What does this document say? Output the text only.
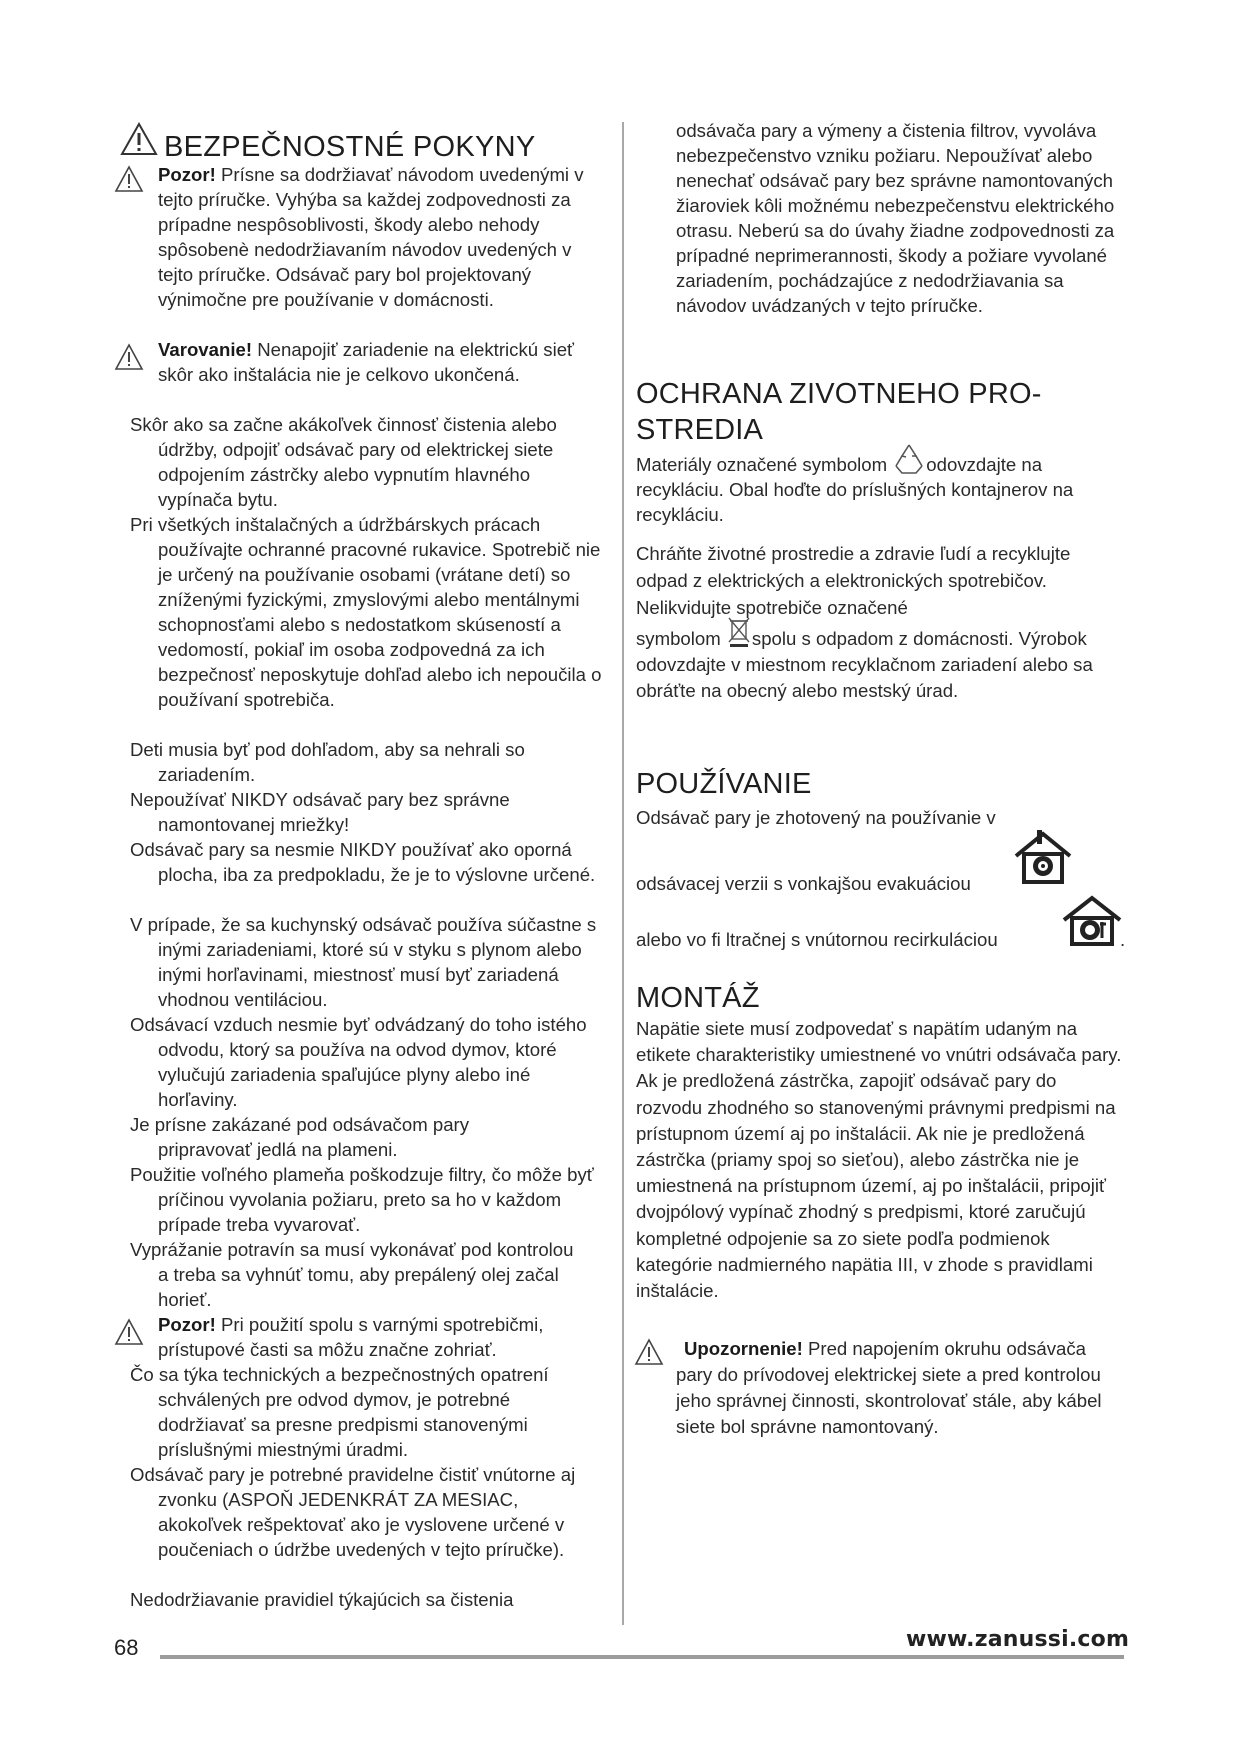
BEZPEČNOSTNÉ POKYNY
Pozor! Prísne sa dodržiavať návodom uvedenými v tejto príručke. Vyhýba sa každej zodpovednosti za prípadne nespôsoblivosti, škody alebo nehody spôsobenè nedodržiavaním návodov uvedených v tejto príručke. Odsávač pary bol projektovaný výnimočne pre používanie v domácnosti.
Varovanie! Nenapojiť zariadenie na elektrickú sieť skôr ako inštalácia nie je celkovo ukončená.
Skôr ako sa začne akákoľvek činnosť čistenia alebo údržby, odpojiť odsávač pary od elektrickej siete odpojením zástrčky alebo vypnutím hlavného vypínača bytu.
Pri všetkých inštalačných a údržbárskych prácach používajte ochranné pracovné rukavice. Spotrebič nie je určený na používanie osobami (vrátane detí) so zníženými fyzickými, zmyslovými alebo mentálnymi schopnosťami alebo s nedostatkom skúseností a vedomostí, pokiaľ im osoba zodpovedná za ich bezpečnosť neposkytuje dohľad alebo ich nepoučila o používaní spotrebiča.
Deti musia byť pod dohľadom, aby sa nehrali so zariadením.
Nepoužívať NIKDY odsávač pary bez správne namontovanej mriežky!
Odsávač pary sa nesmie NIKDY používať ako oporná plocha, iba za predpokladu, že je to výslovne určené.
V prípade, že sa kuchynský odsávač používa súčastne s inými zariadeniami, ktoré sú v styku s plynom alebo inými horľavinami, miestnosť musí byť zariadená vhodnou ventiláciou.
Odsávací vzduch nesmie byť odvádzaný do toho istého odvodu, ktorý sa používa na odvod dymov, ktoré vylučujú zariadenia spaľujúce plyny alebo iné horľaviny.
Je prísne zakázané pod odsávačom pary pripravovať jedlá na plameni.
Použitie voľného plameňa poškodzuje filtry, čo môže byť príčinou vyvolania požiaru, preto sa ho v každom prípade treba vyvarovať.
Vyprážanie potravín sa musí vykonávať pod kontrolou a treba sa vyhnúť tomu, aby prepálený olej začal horieť.
Pozor! Pri použití spolu s varnými spotrebičmi, prístupové časti sa môžu značne zohriať.
Čo sa týka technických a bezpečnostných opatrení schválených pre odvod dymov, je potrebné dodržiavať sa presne predpismi stanovenými príslušnými miestnými úradmi.
Odsávač pary je potrebné pravidelne čistiť vnútorne aj zvonku (ASPOŇ JEDENKRÁT ZA MESIAC, akokoľvek rešpektovať ako je vyslovene určené v poučeniach o údržbe uvedených v tejto príručke).
Nedodržiavanie pravidiel týkajúcich sa čistenia
odsávača pary a výmeny a čistenia filtrov, vyvoláva nebezpečenstvo vzniku požiaru. Nepoužívať alebo nenechať odsávač pary bez správne namontovaných žiaroviek kôli možnému nebezpečenstvu elektrického otrasu. Neberú sa do úvahy žiadne zodpovednosti za prípadné neprimerannosti, škody a požiare vyvolané zariadením, pochádzajúce z nedodržiavania sa návodov uvádzaných v tejto príručke.
OCHRANA ZIVOTNEHO PRO-
STREDIA
Materiály označené symbolom odovzdajte na recykláciu. Obal hoďte do príslušných kontajnerov na recykláciu.
Chráňte životné prostredie a zdravie ľudí a recyklujte odpad z elektrických a elektronických spotrebičov. Nelikvidujte spotrebiče označené
symbolom spolu s odpadom z domácnosti. Výrobok odovzdajte v miestnom recyklačnom zariadení alebo sa obráťte na obecný alebo mestský úrad.
POUŽÍVANIE
Odsávač pary je zhotovený na používanie v
odsávacej verzii s vonkajšou evakuáciou
alebo vo fi ltračnej s vnútornou recirkuláciou	.
MONTÁŽ
Napätie siete musí zodpovedať s napätím udaným na etikete charakteristiky umiestnené vo vnútri odsávača pary. Ak je predložená zástrčka, zapojiť odsávač pary do rozvodu zhodného so stanovenými právnymi predpismi na prístupnom území aj po inštalácii. Ak nie je predložená zástrčka (priamy spoj so sieťou), alebo zástrčka nie je umiestnená na prístupnom území, aj po inštalácii, pripojiť dvojpólový vypínač zhodný s predpismi, ktoré zaručujú kompletné odpojenie sa zo siete podľa podmienok kategórie nadmierného napätia III, v zhode s pravidlami inštalácie.
Upozornenie! Pred napojením okruhu odsávača pary do prívodovej elektrickej siete a pred kontrolou jeho správnej činnosti, skontrolovať stále, aby kábel siete bol správne namontovaný.
68	www.zanussi.com
